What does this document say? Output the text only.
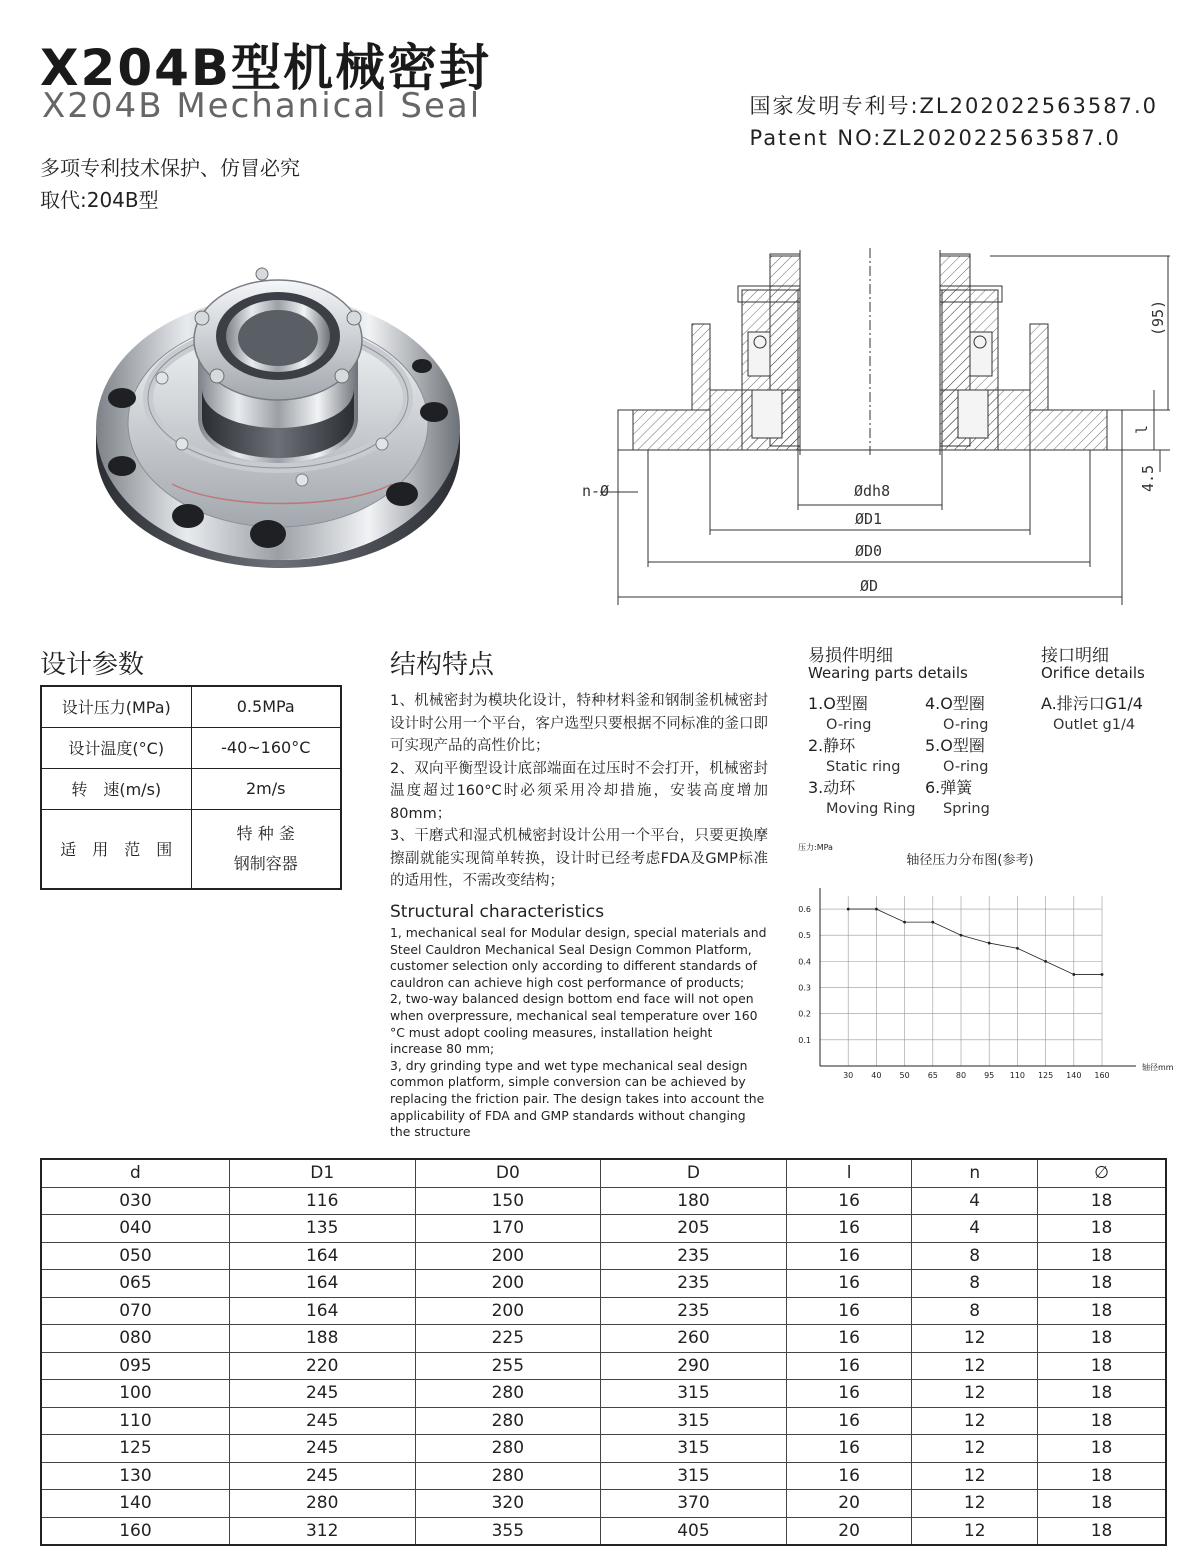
X204B型机械密封
X204B Mechanical Seal	国家发明专利号:ZL202022563587.0
Patent NO:ZL202022563587.0
多项专利技术保护、仿冒必究
取代:204B型
n-Ø	Ødh8
ØD1
ØD0
ØD
(95)
l
4.5
设计参数
设计压力(MPa)	0.5MPa
设计温度(°C)	-40~160°C
转　速(m/s)	2m/s
适　用　范　围	特 种 釜
钢制容器
结构特点

1、机械密封为模块化设计，特种材料釜和钢制釜机械密封设计时公用一个平台，客户选型只要根据不同标准的釜口即可实现产品的高性价比；

2、双向平衡型设计底部端面在过压时不会打开，机械密封温度超过160°C时必须采用冷却措施，安装高度增加80mm；

3、干磨式和湿式机械密封设计公用一个平台，只要更换摩擦副就能实现简单转换，设计时已经考虑FDA及GMP标准的适用性，不需改变结构；

Structural characteristics

1, mechanical seal for Modular design, special materials and Steel Cauldron Mechanical Seal Design Common Platform, customer selection only according to different standards of cauldron can achieve high cost performance of products;

2, two-way balanced design bottom end face will not open when overpressure, mechanical seal temperature over 160 °C must adopt cooling measures, installation height increase 80 mm;

3, dry grinding type and wet type mechanical seal design common platform, simple conversion can be achieved by replacing the friction pair. The design takes into account the applicability of FDA and GMP standards without changing the structure

易损件明细
Wearing parts details
1.O型圈
O-ring
2.静环
Static ring
3.动环
Moving Ring
4.O型圈
O-ring
5.O型圈
O-ring
6.弹簧
Spring
接口明细
Orifice details
A.排污口G1/4
Outlet g1/4
轴径压力分布图(参考)
压力:MPa
轴径mm
0.1
0.2
0.3
0.4
0.5
0.6
30 40 50 65 80 95 110 125 140 160
d	D1	D0	D	l	n	∅
030	116	150	180	16	4	18
040	135	170	205	16	4	18
050	164	200	235	16	8	18
065	164	200	235	16	8	18
070	164	200	235	16	8	18
080	188	225	260	16	12	18
095	220	255	290	16	12	18
100	245	280	315	16	12	18
110	245	280	315	16	12	18
125	245	280	315	16	12	18
130	245	280	315	16	12	18
140	280	320	370	20	12	18
160	312	355	405	20	12	18
